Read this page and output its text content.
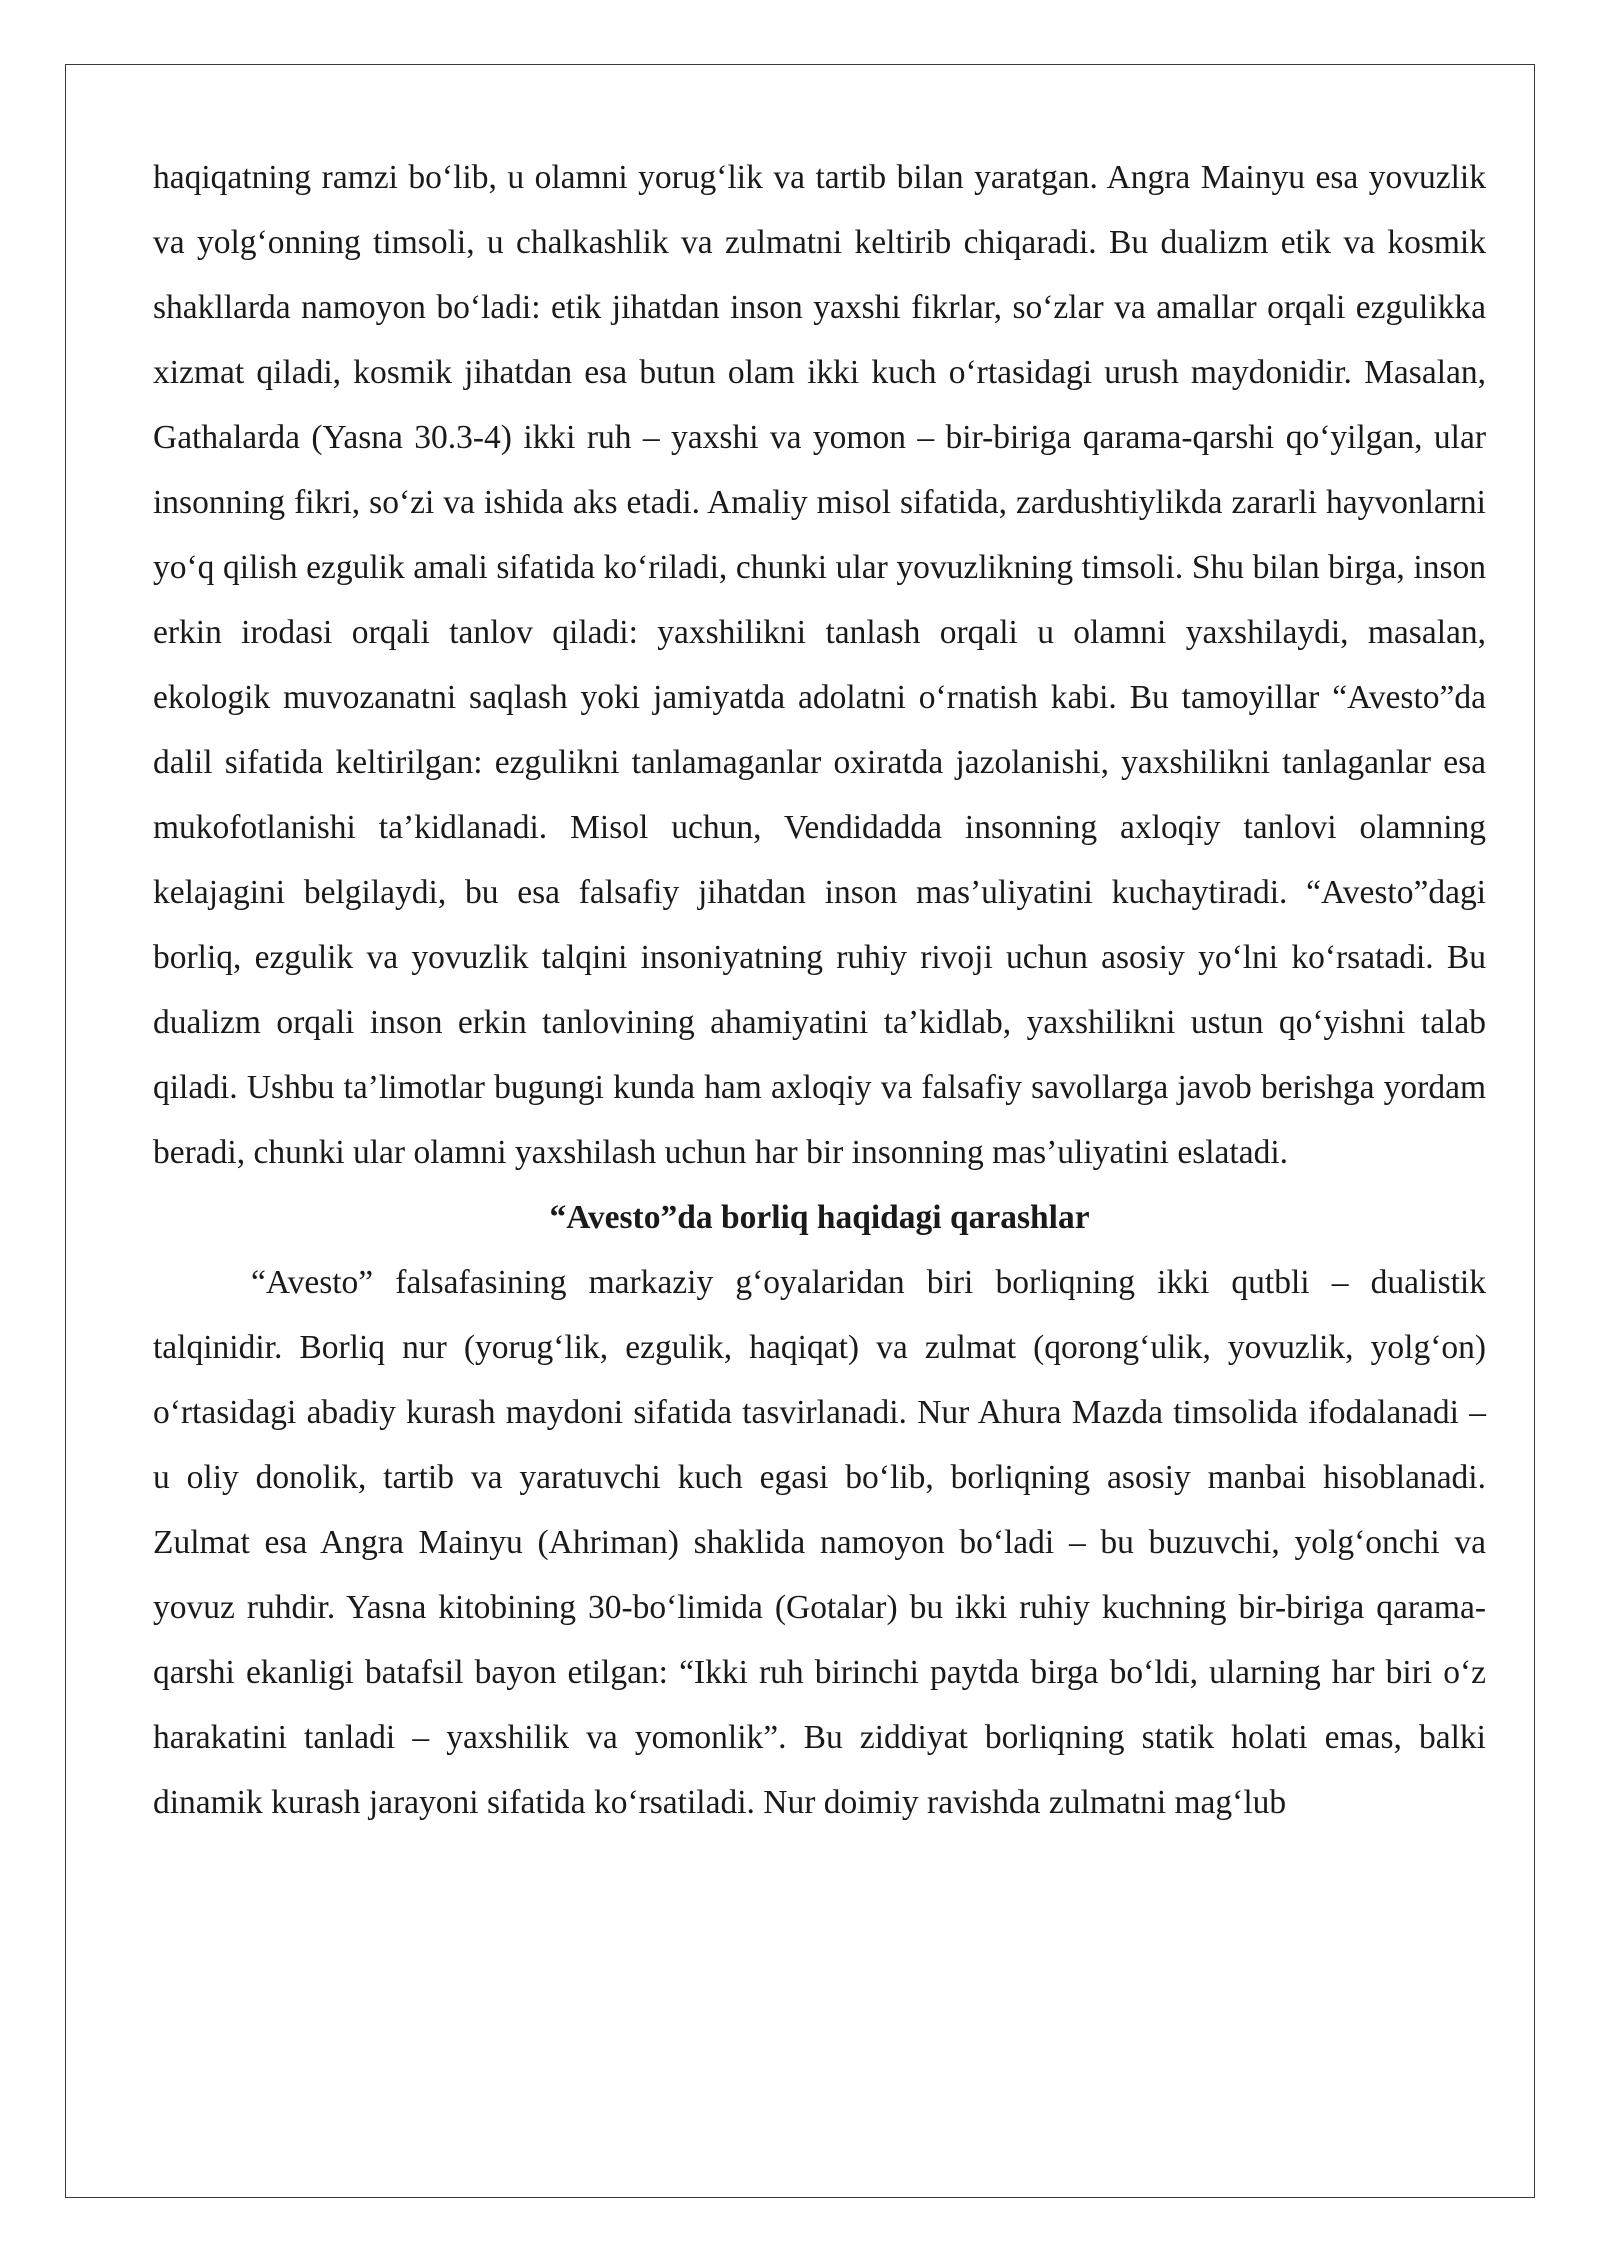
haqiqatning ramzi bo‘lib, u olamni yorug‘lik va tartib bilan yaratgan. Angra Mainyu esa yovuzlik va yolg‘onning timsoli, u chalkashlik va zulmatni keltirib chiqaradi. Bu dualizm etik va kosmik shakllarda namoyon bo‘ladi: etik jihatdan inson yaxshi fikrlar, so‘zlar va amallar orqali ezgulikka xizmat qiladi, kosmik jihatdan esa butun olam ikki kuch o‘rtasidagi urush maydonidir. Masalan, Gathalarda (Yasna 30.3-4) ikki ruh – yaxshi va yomon – bir-biriga qarama-qarshi qo‘yilgan, ular insonning fikri, so‘zi va ishida aks etadi. Amaliy misol sifatida, zardushtiylikda zararli hayvonlarni yo‘q qilish ezgulik amali sifatida ko‘riladi, chunki ular yovuzlikning timsoli. Shu bilan birga, inson erkin irodasi orqali tanlov qiladi: yaxshilikni tanlash orqali u olamni yaxshilaydi, masalan, ekologik muvozanatni saqlash yoki jamiyatda adolatni o‘rnatish kabi. Bu tamoyillar “Avesto”da dalil sifatida keltirilgan: ezgulikni tanlamaganlar oxiratda jazolanishi, yaxshilikni tanlaganlar esa mukofotlanishi ta’kidlanadi. Misol uchun, Vendidadda insonning axloqiy tanlovi olamning kelajagini belgilaydi, bu esa falsafiy jihatdan inson mas’uliyatini kuchaytiradi. “Avesto”dagi borliq, ezgulik va yovuzlik talqini insoniyatning ruhiy rivoji uchun asosiy yo‘lni ko‘rsatadi. Bu dualizm orqali inson erkin tanlovining ahamiyatini ta’kidlab, yaxshilikni ustun qo‘yishni talab qiladi. Ushbu ta’limotlar bugungi kunda ham axloqiy va falsafiy savollarga javob berishga yordam beradi, chunki ular olamni yaxshilash uchun har bir insonning mas’uliyatini eslatadi.

“Avesto”da borliq haqidagi qarashlar

“Avesto” falsafasining markaziy g‘oyalaridan biri borliqning ikki qutbli – dualistik talqinidir. Borliq nur (yorug‘lik, ezgulik, haqiqat) va zulmat (qorong‘ulik, yovuzlik, yolg‘on) o‘rtasidagi abadiy kurash maydoni sifatida tasvirlanadi. Nur Ahura Mazda timsolida ifodalanadi – u oliy donolik, tartib va yaratuvchi kuch egasi bo‘lib, borliqning asosiy manbai hisoblanadi. Zulmat esa Angra Mainyu (Ahriman) shaklida namoyon bo‘ladi – bu buzuvchi, yolg‘onchi va yovuz ruhdir. Yasna kitobining 30-bo‘limida (Gotalar) bu ikki ruhiy kuchning bir-biriga qarama-qarshi ekanligi batafsil bayon etilgan: “Ikki ruh birinchi paytda birga bo‘ldi, ularning har biri o‘z harakatini tanladi – yaxshilik va yomonlik”. Bu ziddiyat borliqning statik holati emas, balki dinamik kurash jarayoni sifatida ko‘rsatiladi. Nur doimiy ravishda zulmatni mag‘lub
